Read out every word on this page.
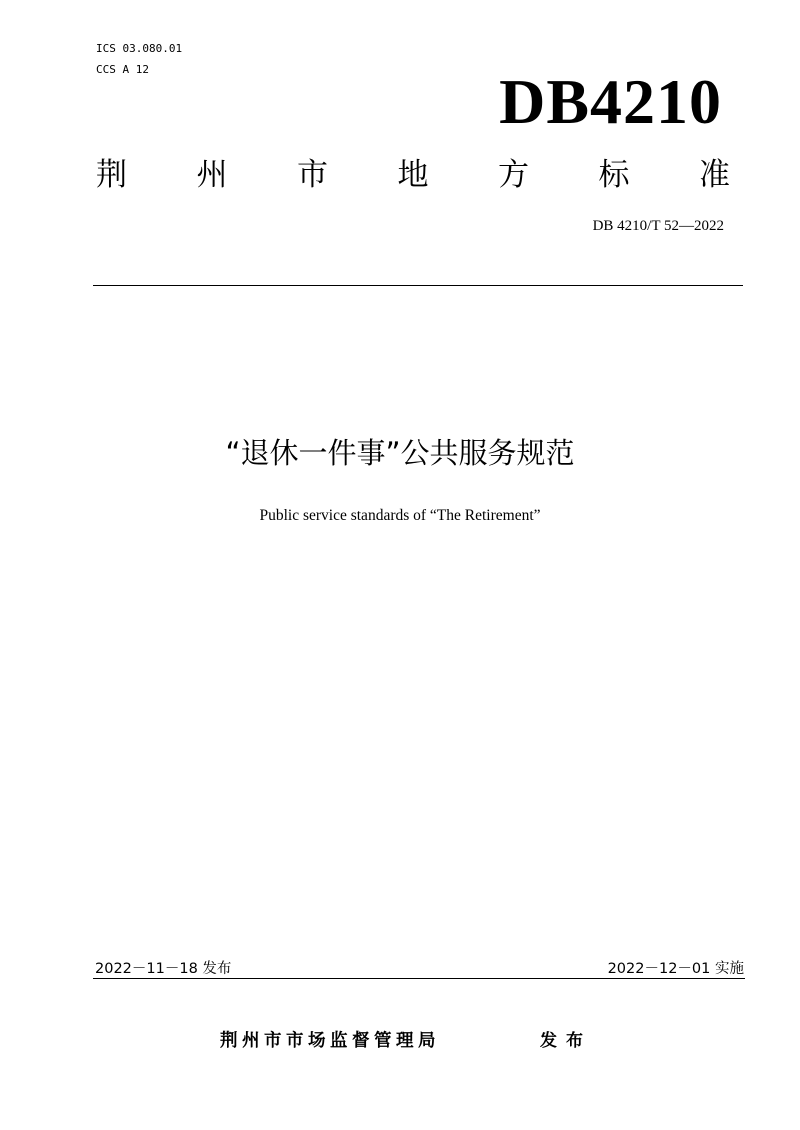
ICS 03.080.01
CCS A 12	DB4210
荆 州 市 地 方 标 准
DB 4210/T 52—2022
“退休一件事”公共服务规范
Public service standards of “The Retirement”
2022－11－18 发布	2022－12－01 实施
荆州市市场监督管理局	发布
